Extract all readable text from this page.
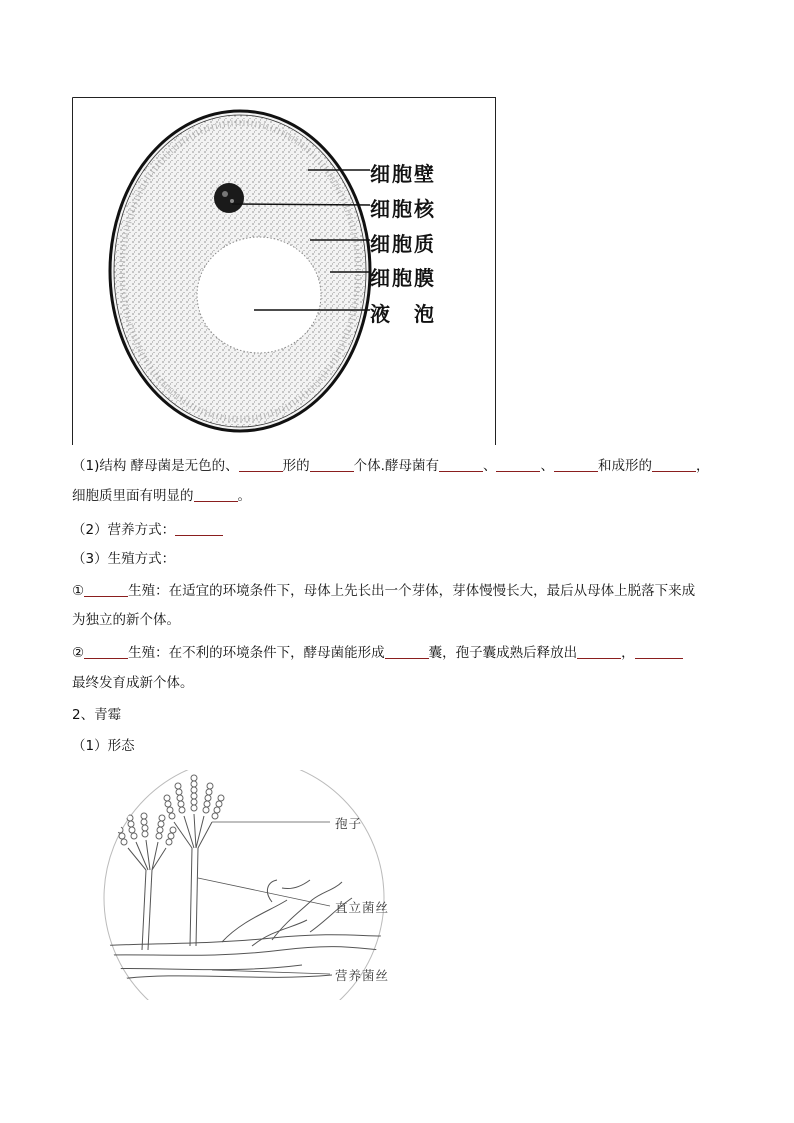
细胞壁
细胞核
细胞质
细胞膜
液　泡
（1)结构 酵母菌是无色的、	形的	个体.酵母菌有	、	、	和成形的	，
细胞质里面有明显的	。
（2）营养方式：
（3）生殖方式：
①	生殖：在适宜的环境条件下，母体上先长出一个芽体，芽体慢慢长大，最后从母体上脱落下来成
为独立的新个体。
②	生殖：在不利的环境条件下，酵母菌能形成	囊，孢子囊成熟后释放出	，
最终发育成新个体。
2、青霉
（1）形态
孢子
直立菌丝
营养菌丝
